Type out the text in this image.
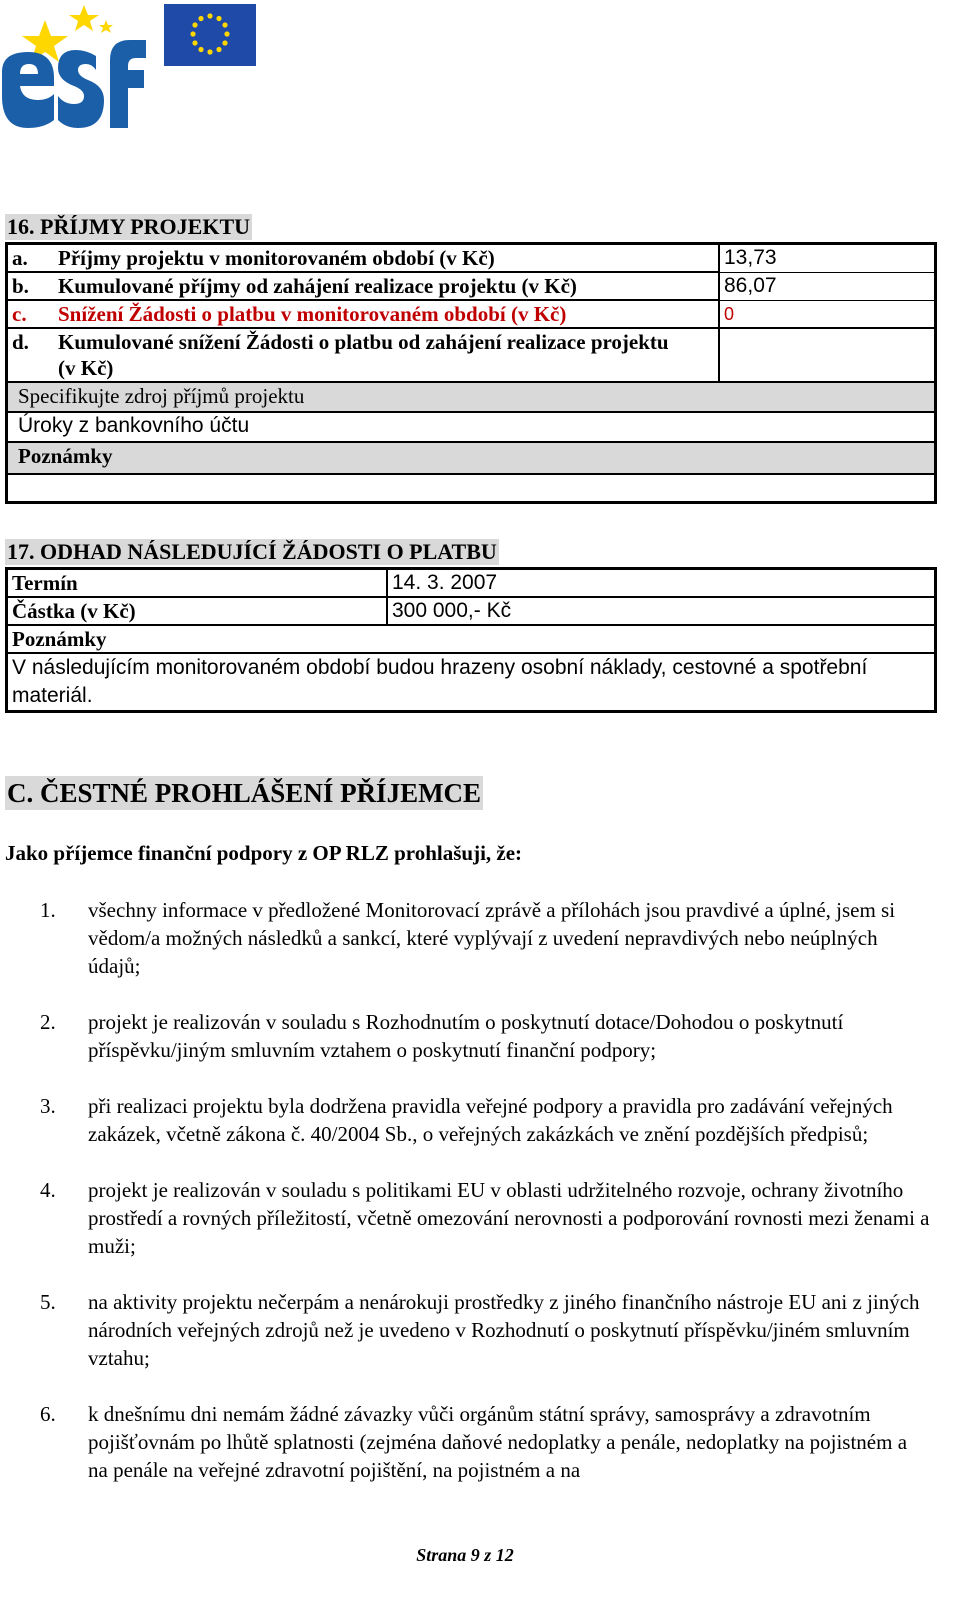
16. PŘÍJMY PROJEKTU
a.	Příjmy projektu v monitorovaném období (v Kč)	13,73
b.	Kumulované příjmy od zahájení realizace projektu (v Kč)	86,07
c.	Snížení Žádosti o platbu v monitorovaném období (v Kč)	0
d.	Kumulované snížení Žádosti o platbu od zahájení realizace projektu (v Kč)	
Specifikujte zdroj příjmů projektu		
Úroky z bankovního účtu		
Poznámky		

17. ODHAD NÁSLEDUJÍCÍ ŽÁDOSTI O PLATBU
Termín	14. 3. 2007
Částka (v Kč)	300 000,- Kč
Poznámky	
V následujícím monitorovaném období budou hrazeny osobní náklady, cestovné a spotřební materiál.	
C. ČESTNÉ PROHLÁŠENÍ PŘÍJEMCE
Jako příjemce finanční podpory z OP RLZ prohlašuji, že:
1.	všechny informace v předložené Monitorovací zprávě a přílohách jsou pravdivé a úplné, jsem si vědom/a možných následků a sankcí, které vyplývají z uvedení nepravdivých nebo neúplných údajů;
2.	projekt je realizován v souladu s Rozhodnutím o poskytnutí dotace/Dohodou o poskytnutí příspěvku/jiným smluvním vztahem o poskytnutí finanční podpory;
3.	při realizaci projektu byla dodržena pravidla veřejné podpory a pravidla pro zadávání veřejných zakázek, včetně zákona č. 40/2004 Sb., o veřejných zakázkách ve znění pozdějších předpisů;
4.	projekt je realizován v souladu s politikami EU v oblasti udržitelného rozvoje, ochrany životního prostředí a rovných příležitostí, včetně omezování nerovnosti a podporování rovnosti mezi ženami a muži;
5.	na aktivity projektu nečerpám a nenárokuji prostředky z jiného finančního nástroje EU ani z jiných národních veřejných zdrojů než je uvedeno v Rozhodnutí o poskytnutí příspěvku/jiném smluvním vztahu;
6.	k dnešnímu dni nemám žádné závazky vůči orgánům státní správy, samosprávy a zdravotním pojišťovnám po lhůtě splatnosti (zejména daňové nedoplatky a penále, nedoplatky na pojistném a na penále na veřejné zdravotní pojištění, na pojistném a na
Strana 9 z 12
